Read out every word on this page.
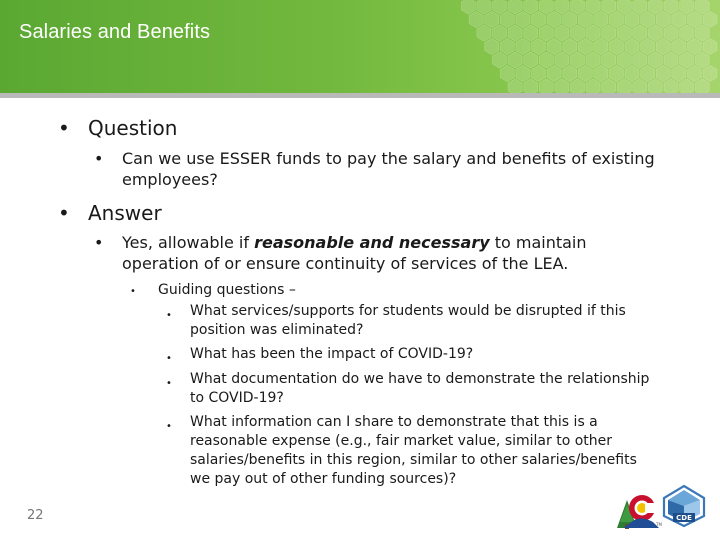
Salaries and Benefits
• Question
•	Can we use ESSER funds to pay the salary and benefits of existing employees?
• Answer
•	Yes, allowable if reasonable and necessary to maintain operation of or ensure continuity of services of the LEA.
•	Guiding questions –
•	What services/supports for students would be disrupted if this position was eliminated?
•	What has been the impact of COVID-19?
•	What documentation do we have to demonstrate the relationship to COVID-19?
•	What information can I share to demonstrate that this is a reasonable expense (e.g., fair market value, similar to other salaries/benefits in this region, similar to other salaries/benefits we pay out of other funding sources)?
22
TM
CDE
